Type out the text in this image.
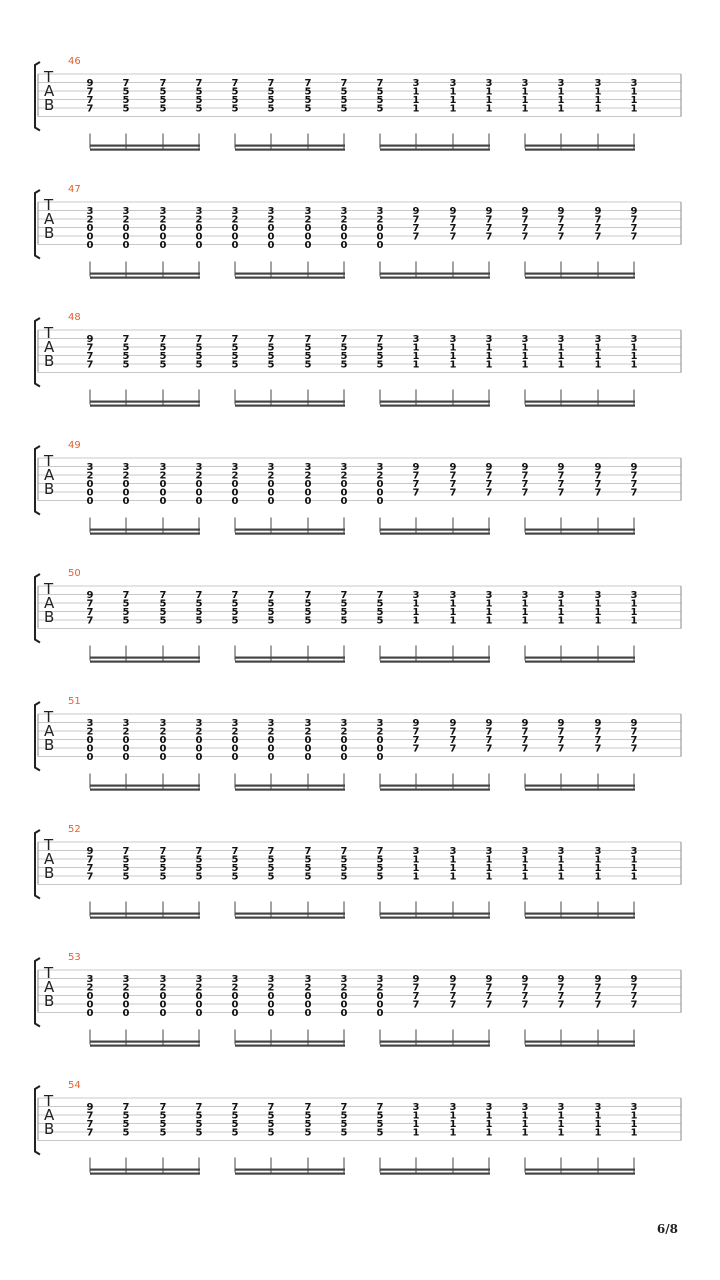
46
T
A
B
9
7
7
7
7
5
5
5
7
5
5
5
7
5
5
5
7
5
5
5
7
5
5
5
7
5
5
5
7
5
5
5
7
5
5
5
3
1
1
1
3
1
1
1
3
1
1
1
3
1
1
1
3
1
1
1
3
1
1
1
3
1
1
1
47
T
A
B
3
2
0
0
0
3
2
0
0
0
3
2
0
0
0
3
2
0
0
0
3
2
0
0
0
3
2
0
0
0
3
2
0
0
0
3
2
0
0
0
3
2
0
0
0
9
7
7
7
9
7
7
7
9
7
7
7
9
7
7
7
9
7
7
7
9
7
7
7
9
7
7
7
48
T
A
B
9
7
7
7
7
5
5
5
7
5
5
5
7
5
5
5
7
5
5
5
7
5
5
5
7
5
5
5
7
5
5
5
7
5
5
5
3
1
1
1
3
1
1
1
3
1
1
1
3
1
1
1
3
1
1
1
3
1
1
1
3
1
1
1
49
T
A
B
3
2
0
0
0
3
2
0
0
0
3
2
0
0
0
3
2
0
0
0
3
2
0
0
0
3
2
0
0
0
3
2
0
0
0
3
2
0
0
0
3
2
0
0
0
9
7
7
7
9
7
7
7
9
7
7
7
9
7
7
7
9
7
7
7
9
7
7
7
9
7
7
7
50
T
A
B
9
7
7
7
7
5
5
5
7
5
5
5
7
5
5
5
7
5
5
5
7
5
5
5
7
5
5
5
7
5
5
5
7
5
5
5
3
1
1
1
3
1
1
1
3
1
1
1
3
1
1
1
3
1
1
1
3
1
1
1
3
1
1
1
51
T
A
B
3
2
0
0
0
3
2
0
0
0
3
2
0
0
0
3
2
0
0
0
3
2
0
0
0
3
2
0
0
0
3
2
0
0
0
3
2
0
0
0
3
2
0
0
0
9
7
7
7
9
7
7
7
9
7
7
7
9
7
7
7
9
7
7
7
9
7
7
7
9
7
7
7
52
T
A
B
9
7
7
7
7
5
5
5
7
5
5
5
7
5
5
5
7
5
5
5
7
5
5
5
7
5
5
5
7
5
5
5
7
5
5
5
3
1
1
1
3
1
1
1
3
1
1
1
3
1
1
1
3
1
1
1
3
1
1
1
3
1
1
1
53
T
A
B
3
2
0
0
0
3
2
0
0
0
3
2
0
0
0
3
2
0
0
0
3
2
0
0
0
3
2
0
0
0
3
2
0
0
0
3
2
0
0
0
3
2
0
0
0
9
7
7
7
9
7
7
7
9
7
7
7
9
7
7
7
9
7
7
7
9
7
7
7
9
7
7
7
54
T
A
B
9
7
7
7
7
5
5
5
7
5
5
5
7
5
5
5
7
5
5
5
7
5
5
5
7
5
5
5
7
5
5
5
7
5
5
5
3
1
1
1
3
1
1
1
3
1
1
1
3
1
1
1
3
1
1
1
3
1
1
1
3
1
1
1
6/8
